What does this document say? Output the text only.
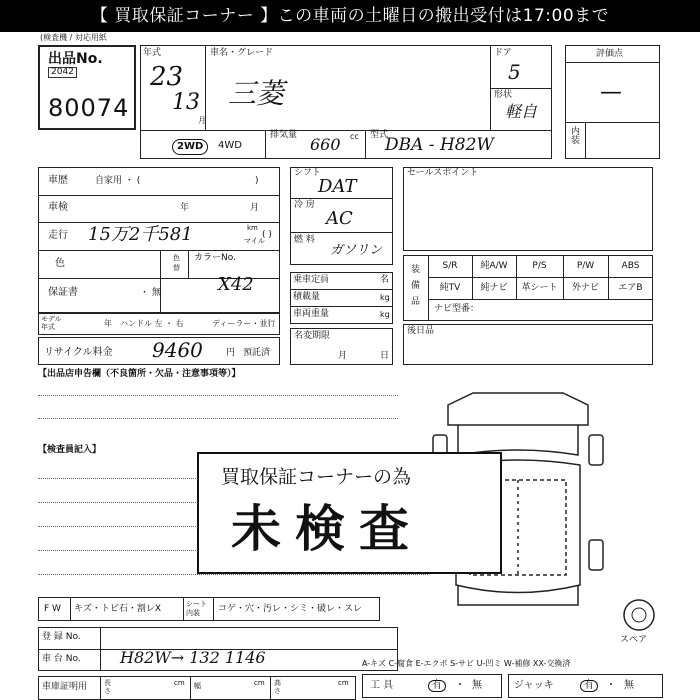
【 買取保証コーナー 】この車両の土曜日の搬出受付は17:00まで
(検査機 / 対応用紙
出品No.
2042
80074
年式
23
13
月
車名・グレード
三菱
ドア
5
形状
軽自
2WD	4WD
排気量 660 cc 型式
DBA - H82W
評価点
—
内装
車歴	自家用 ・ (	)
車検	年	月
走行 15万2千581	km
マイル
( )
色	色替
カラーNo.
X42
保証書	・ 無
モデル年式	年 ハンドル 左 ・ 右	ディーラー・並行
リサイクル料金 9460	円 預託済
シフト
DAT
冷 房
AC
燃 料
ガソリン
乗車定員	名
積載量	kg
車両重量	kg
名変期限
月	日
セールスポイント
装備品
S/R	純A/W	P/S	P/W	ABS
純TV	純ナビ	革シート	外ナビ	エアB
ナビ型番：
後日品
【出品店申告欄（不良箇所・欠品・注意事項等）】
【検査員記入】
スペア
買取保証コーナーの為
未検査
F W キズ・トビ石・割レX	シート内装	コゲ・穴・汚レ・シミ・破レ・スレ
登 録 No.
車 台 No. H82W→ 132 1146	A-キズ C-腐食 E-エクボ S-サビ U-凹ミ W-補修 XX-交換済
車庫証明用 長さ
cm 幅	cm 高さ
cm 工 具	有	・ 無	ジャッキ	有	・ 無
